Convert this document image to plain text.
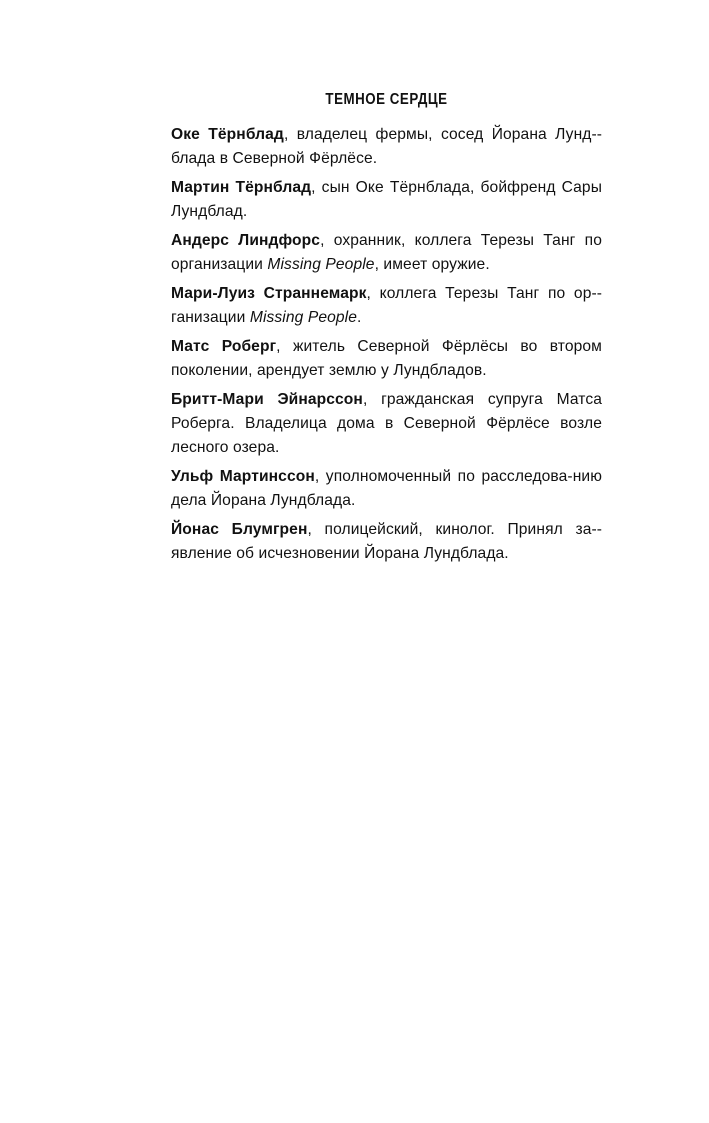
ТЕМНОЕ СЕРДЦЕ

Оке Тёрнблад, владелец фермы, сосед Йорана Лунд-блада в Северной Фёрлёсе.

Мартин Тёрнблад, сын Оке Тёрнблада, бойфренд Сары Лундблад.

Андерс Линдфорс, охранник, коллега Терезы Танг по организации Missing People, имеет оружие.

Мари-Луиз Страннемарк, коллега Терезы Танг по ор-ганизации Missing People.

Матс Роберг, житель Северной Фёрлёсы во втором поколении, арендует землю у Лундбладов.

Бритт-Мари Эйнарссон, гражданская супруга Матса Роберга. Владелица дома в Северной Фёрлёсе возле лесного озера.

Ульф Мартинссон, уполномоченный по расследова-нию дела Йорана Лундблада.

Йонас Блумгрен, полицейский, кинолог. Принял за-явление об исчезновении Йорана Лундблада.
